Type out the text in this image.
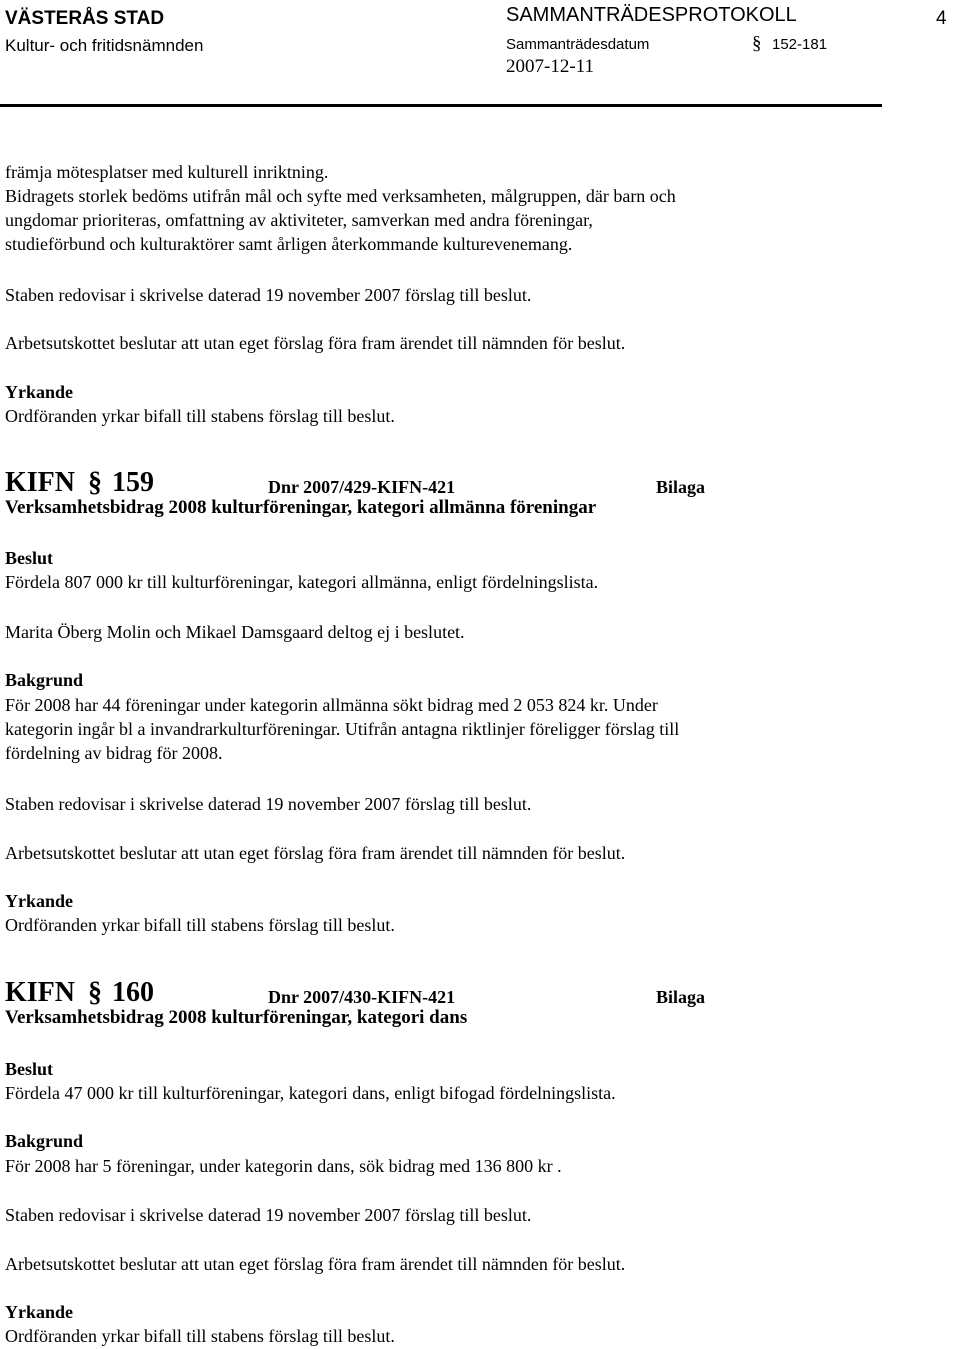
VÄSTERÅS STAD
Kultur- och fritidsnämnden
SAMMANTRÄDESPROTOKOLL
Sammanträdesdatum	§ 152-181
2007-12-11
4
främja mötesplatser med kulturell inriktning.
Bidragets storlek bedöms utifrån mål och syfte med verksamheten, målgruppen, där barn och
ungdomar prioriteras, omfattning av aktiviteter, samverkan med andra föreningar,
studieförbund och kulturaktörer samt årligen återkommande kulturevenemang.
Staben redovisar i skrivelse daterad 19 november 2007 förslag till beslut.
Arbetsutskottet beslutar att utan eget förslag föra fram ärendet till nämnden för beslut.
Yrkande
Ordföranden yrkar bifall till stabens förslag till beslut.
KIFN § 159	Dnr 2007/429-KIFN-421	Bilaga
Verksamhetsbidrag 2008 kulturföreningar, kategori allmänna föreningar
Beslut
Fördela 807 000 kr till kulturföreningar, kategori allmänna, enligt fördelningslista.
Marita Öberg Molin och Mikael Damsgaard deltog ej i beslutet.
Bakgrund
För 2008 har 44 föreningar under kategorin allmänna sökt bidrag med 2 053 824 kr. Under
kategorin ingår bl a invandrarkulturföreningar. Utifrån antagna riktlinjer föreligger förslag till
fördelning av bidrag för 2008.
Staben redovisar i skrivelse daterad 19 november 2007 förslag till beslut.
Arbetsutskottet beslutar att utan eget förslag föra fram ärendet till nämnden för beslut.
Yrkande
Ordföranden yrkar bifall till stabens förslag till beslut.
KIFN § 160	Dnr 2007/430-KIFN-421	Bilaga
Verksamhetsbidrag 2008 kulturföreningar, kategori dans
Beslut
Fördela 47 000 kr till kulturföreningar, kategori dans, enligt bifogad fördelningslista.
Bakgrund
För 2008 har 5 föreningar, under kategorin dans, sök bidrag med 136 800 kr .
Staben redovisar i skrivelse daterad 19 november 2007 förslag till beslut.
Arbetsutskottet beslutar att utan eget förslag föra fram ärendet till nämnden för beslut.
Yrkande
Ordföranden yrkar bifall till stabens förslag till beslut.
